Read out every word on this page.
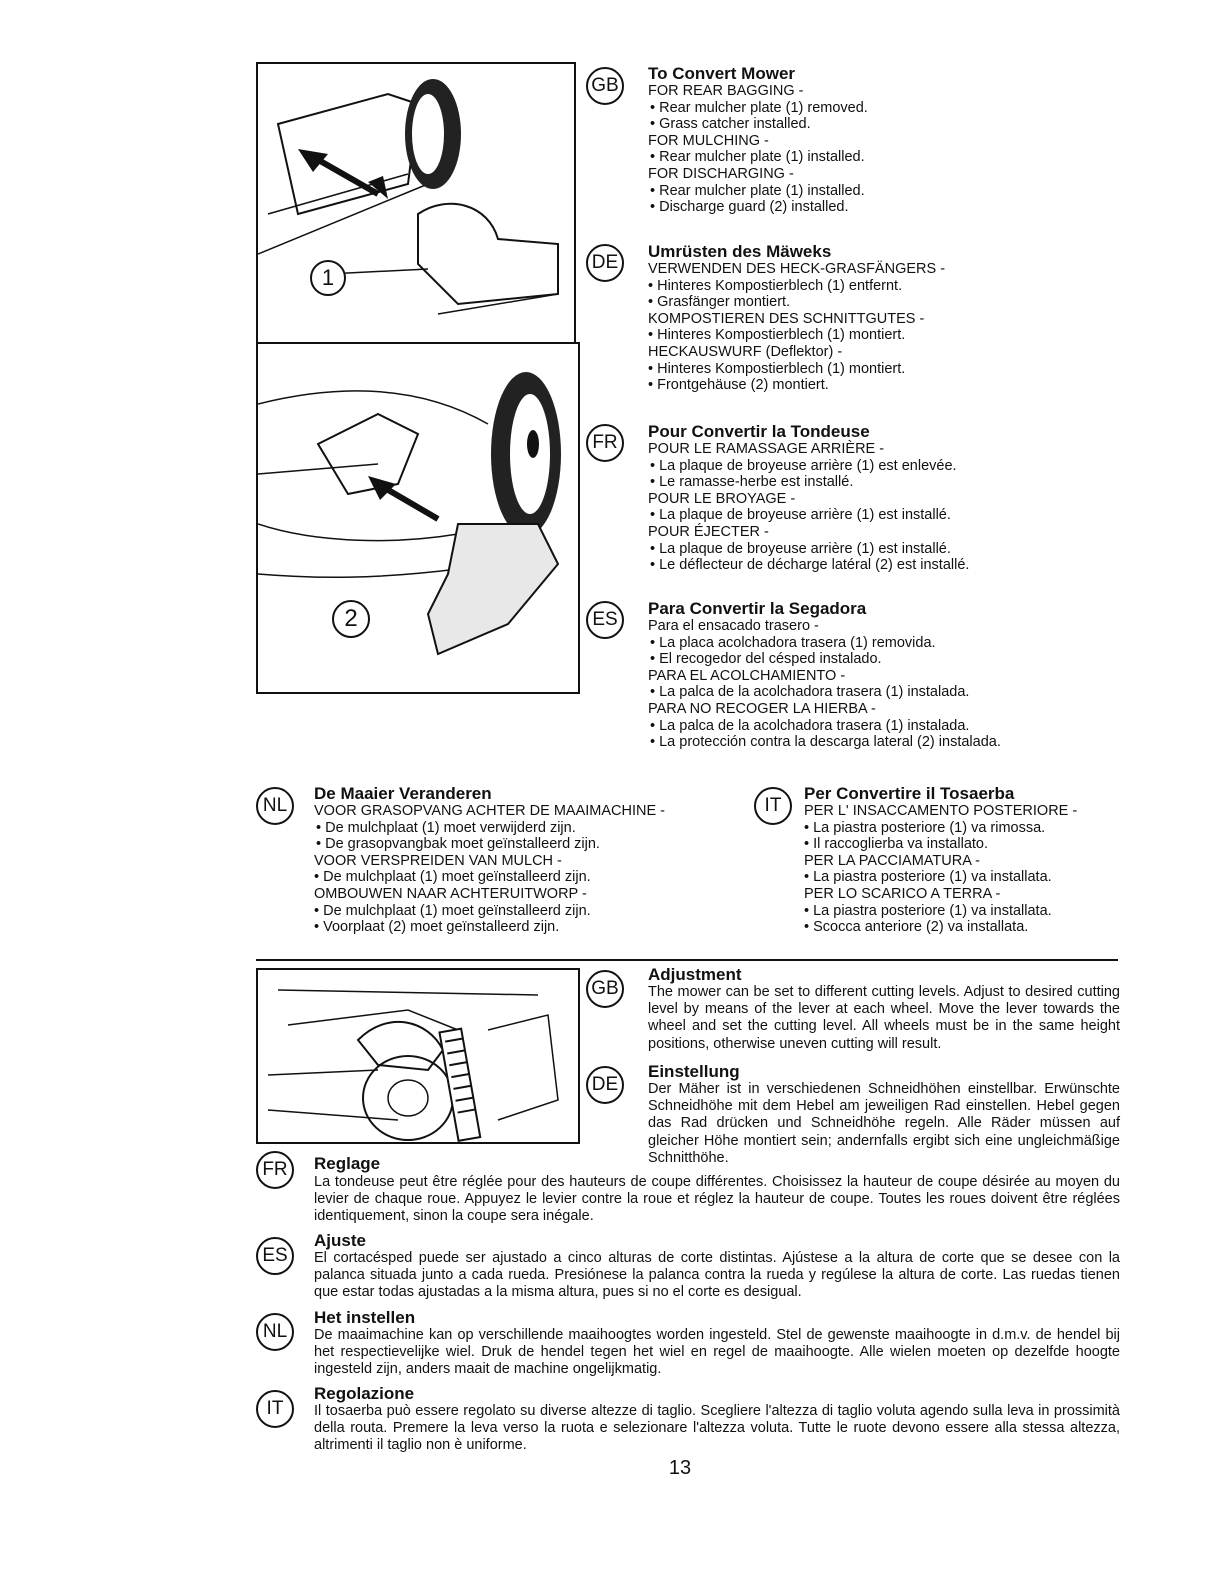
1
2
GB
To Convert Mower
FOR REAR BAGGING -
• Rear mulcher plate (1) removed.
• Grass catcher installed.
FOR MULCHING -
• Rear mulcher plate (1) installed.
FOR DISCHARGING -
• Rear mulcher plate (1) installed.
• Discharge guard (2) installed.
DE
Umrüsten des Mäweks
VERWENDEN DES HECK-GRASFÄNGERS -
• Hinteres Kompostierblech (1) entfernt.
• Grasfänger montiert.
KOMPOSTIEREN DES SCHNITTGUTES -
• Hinteres Kompostierblech (1) montiert.
HECKAUSWURF (Deflektor) -
• Hinteres Kompostierblech (1) montiert.
• Frontgehäuse (2) montiert.
FR
Pour Convertir la Tondeuse
POUR LE RAMASSAGE ARRIÈRE -
• La plaque de broyeuse arrière (1) est enlevée.
• Le ramasse-herbe est installé.
POUR LE BROYAGE -
• La plaque de broyeuse arrière (1) est installé.
POUR ÉJECTER -
• La plaque de broyeuse arrière (1) est installé.
• Le déflecteur de décharge latéral (2) est installé.
ES
Para Convertir la Segadora
Para el ensacado trasero -
• La placa acolchadora trasera (1) removida.
• El recogedor del césped instalado.
PARA EL ACOLCHAMIENTO -
• La palca de la acolchadora trasera (1) instalada.
PARA NO RECOGER LA HIERBA -
• La palca de la acolchadora trasera (1) instalada.
• La protección contra la descarga lateral (2) instalada.
NL
De Maaier Veranderen
VOOR GRASOPVANG ACHTER DE MAAIMACHINE -
• De mulchplaat (1) moet verwijderd zijn.
• De grasopvangbak moet geïnstalleerd zijn.
VOOR VERSPREIDEN VAN MULCH -
• De mulchplaat (1) moet geïnstalleerd zijn.
OMBOUWEN NAAR ACHTERUITWORP -
• De mulchplaat (1) moet geïnstalleerd zijn.
• Voorplaat (2) moet geïnstalleerd zijn.
IT
Per Convertire il Tosaerba
PER L' INSACCAMENTO POSTERIORE -
• La piastra posteriore (1) va rimossa.
• Il raccoglierba va installato.
PER LA PACCIAMATURA -
• La piastra posteriore (1) va installata.
PER LO SCARICO A TERRA -
• La piastra posteriore (1) va installata.
• Scocca anteriore (2) va installata.
GB
Adjustment
The mower can be set to different cutting levels. Adjust to desired cutting level by means of the lever at each wheel. Move the lever towards the wheel and set the cutting level. All wheels must be in the same height positions, otherwise uneven cutting will result.
DE
Einstellung
Der Mäher ist in verschiedenen Schneidhöhen einstellbar. Erwünschte Schneidhöhe mit dem Hebel am jeweiligen Rad einstellen. Hebel gegen das Rad drücken und Schneidhöhe regeln. Alle Räder müssen auf gleicher Höhe montiert sein; andernfalls ergibt sich eine ungleichmäßige Schnitthöhe.
FR	Reglage
La tondeuse peut être réglée pour des hauteurs de coupe différentes. Choisissez la hauteur de coupe désirée au moyen du levier de chaque roue. Appuyez le levier contre la roue et réglez la hauteur de coupe. Toutes les roues doivent être réglées identiquement, sinon la coupe sera inégale.
ES
Ajuste
El cortacésped puede ser ajustado a cinco alturas de corte distintas. Ajústese a la altura de corte que se desee con la palanca situada junto a cada rueda. Presiónese la palanca contra la rueda y regúlese la altura de corte. Las ruedas tienen que estar todas ajustadas a la misma altura, pues si no el corte es desigual.
NL
Het instellen
De maaimachine kan op verschillende maaihoogtes worden ingesteld. Stel de gewenste maaihoogte in d.m.v. de hendel bij het respectievelijke wiel. Druk de hendel tegen het wiel en regel de maaihoogte. Alle wielen moeten op dezelfde hoogte ingesteld zijn, anders maait de machine ongelijkmatig.
IT
Regolazione
Il tosaerba può essere regolato su diverse altezze di taglio. Scegliere l'altezza di taglio voluta agendo sulla leva in prossimità della routa. Premere la leva verso la ruota e selezionare l'altezza voluta. Tutte le ruote devono essere alla stessa altezza, altrimenti il taglio non è uniforme.
13
